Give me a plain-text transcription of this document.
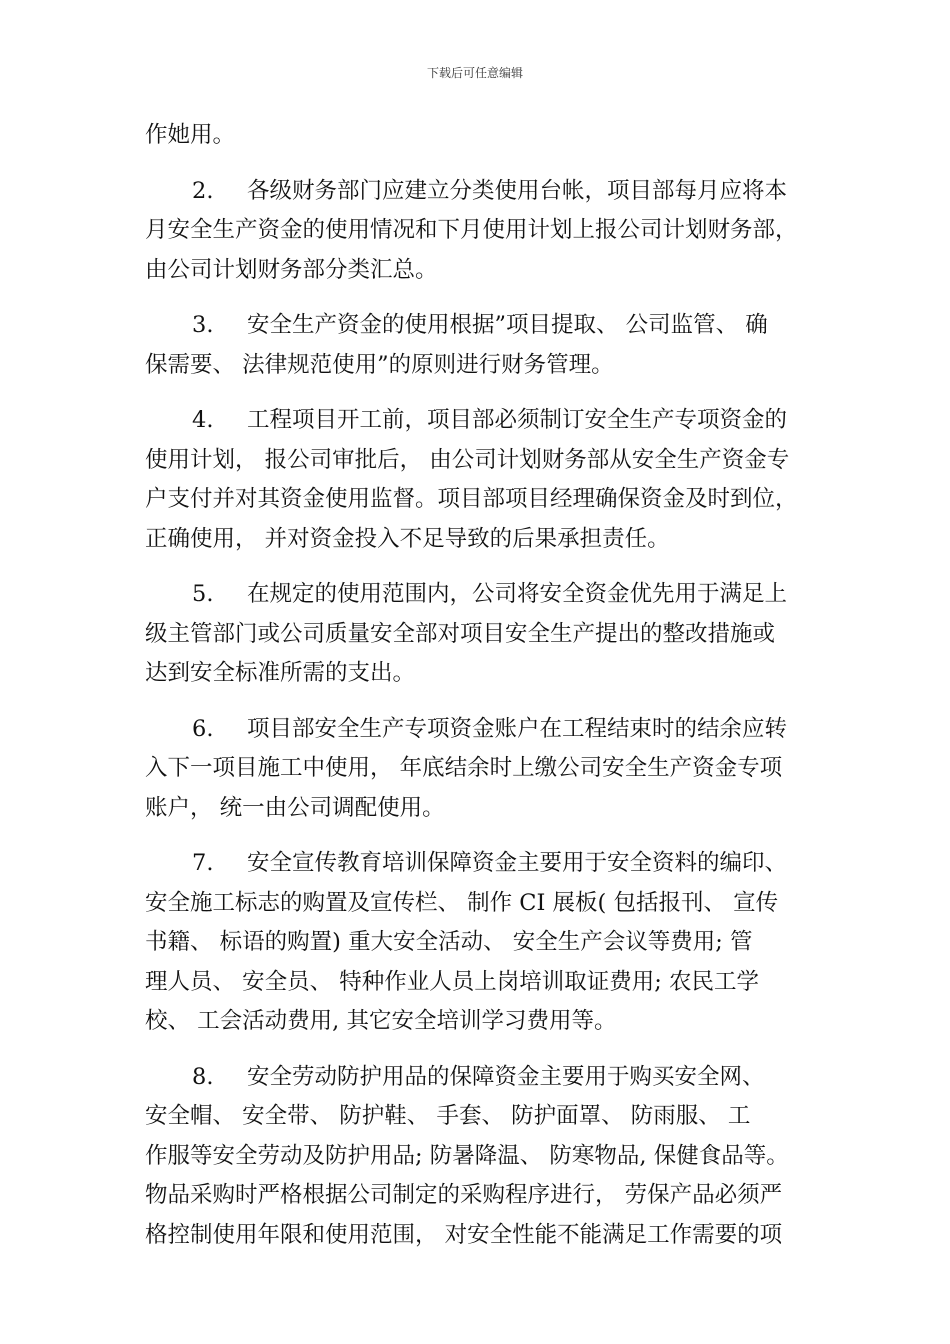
下载后可任意编辑
作她用。
2. 各级财务部门应建立分类使用台帐，项目部每月应将本
月安全生产资金的使用情况和下月使用计划上报公司计划财务部，
由公司计划财务部分类汇总。
3. 安全生产资金的使用根据”项目提取、 公司监管、 确
保需要、 法律规范使用”的原则进行财务管理。
4. 工程项目开工前，项目部必须制订安全生产专项资金的
使用计划， 报公司审批后， 由公司计划财务部从安全生产资金专
户支付并对其资金使用监督。项目部项目经理确保资金及时到位，
正确使用， 并对资金投入不足导致的后果承担责任。
5. 在规定的使用范围内，公司将安全资金优先用于满足上
级主管部门或公司质量安全部对项目安全生产提出的整改措施或
达到安全标准所需的支出。
6. 项目部安全生产专项资金账户在工程结束时的结余应转
入下一项目施工中使用， 年底结余时上缴公司安全生产资金专项
账户， 统一由公司调配使用。
7. 安全宣传教育培训保障资金主要用于安全资料的编印、
安全施工标志的购置及宣传栏、 制作 CI 展板( 包括报刊、 宣传
书籍、 标语的购置) 重大安全活动、 安全生产会议等费用; 管
理人员、 安全员、 特种作业人员上岗培训取证费用; 农民工学
校、 工会活动费用, 其它安全培训学习费用等。
8. 安全劳动防护用品的保障资金主要用于购买安全网、
安全帽、 安全带、 防护鞋、 手套、 防护面罩、 防雨服、 工
作服等安全劳动及防护用品; 防暑降温、 防寒物品, 保健食品等。
物品采购时严格根据公司制定的采购程序进行， 劳保产品必须严
格控制使用年限和使用范围， 对安全性能不能满足工作需要的项
